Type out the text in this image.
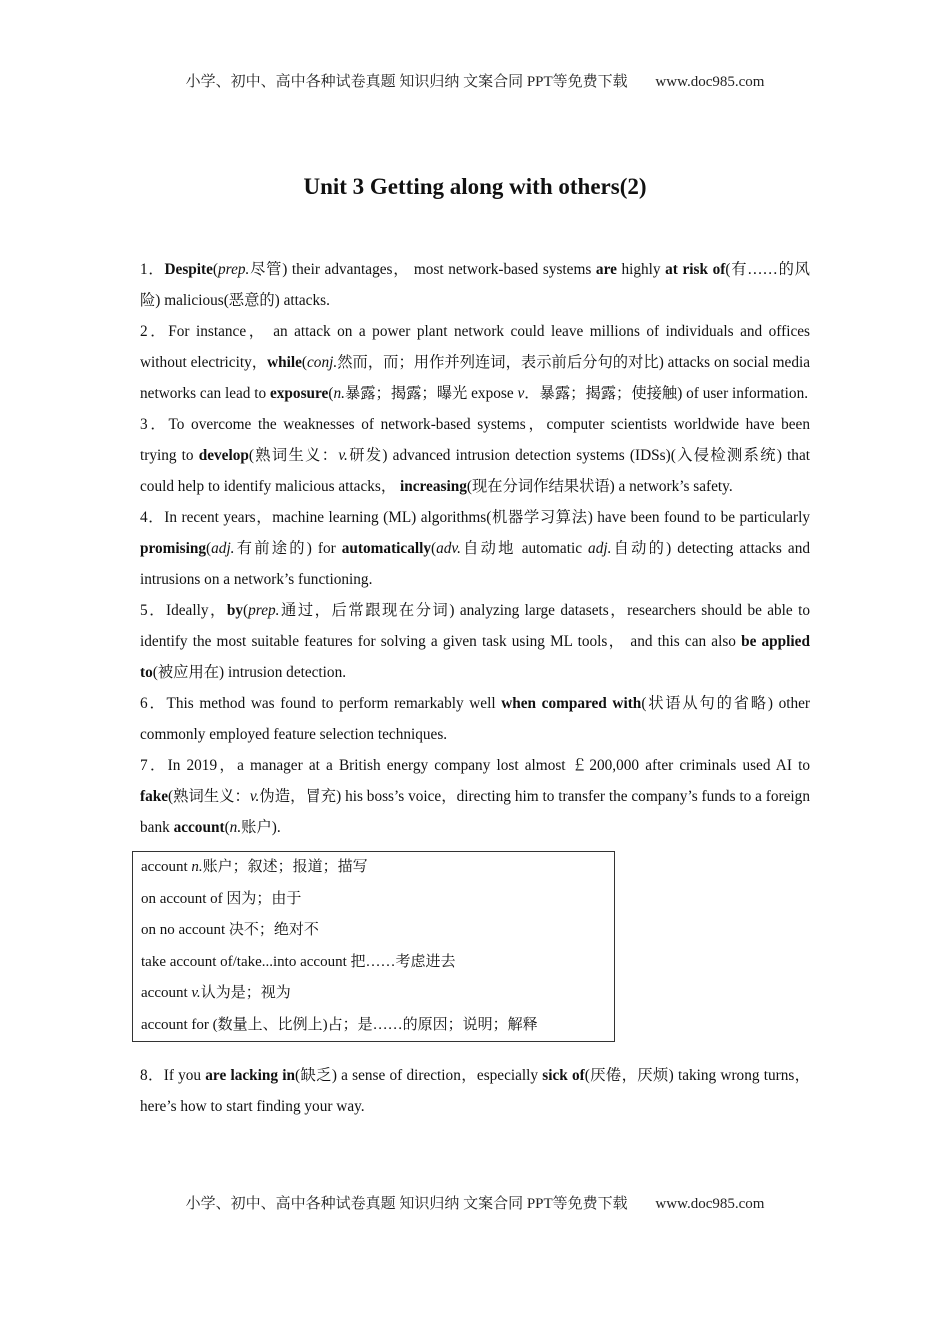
小学、初中、高中各种试卷真题 知识归纳 文案合同 PPT等免费下载 www.doc985.com
Unit 3 Getting along with others(2)

1．Despite(prep.尽管) their advantages， most network-based systems are highly at risk of(有……的风险) malicious(恶意的) attacks.

2．For instance， an attack on a power plant network could leave millions of individuals and offices without electricity，while(conj.然而，而；用作并列连词，表示前后分句的对比) attacks on social media networks can lead to exposure(n.暴露；揭露；曝光 expose v．暴露；揭露；使接触) of user information.

3．To overcome the weaknesses of network-based systems，computer scientists worldwide have been trying to develop(熟词生义：v.研发) advanced intrusion detection systems (IDSs)(入侵检测系统) that could help to identify malicious attacks， increasing(现在分词作结果状语) a network’s safety.

4．In recent years，machine learning (ML) algorithms(机器学习算法) have been found to be particularly promising(adj.有前途的) for automatically(adv.自动地 automatic adj.自动的) detecting attacks and intrusions on a network’s functioning.

5．Ideally，by(prep.通过，后常跟现在分词) analyzing large datasets，researchers should be able to identify the most suitable features for solving a given task using ML tools， and this can also be applied to(被应用在) intrusion detection.

6．This method was found to perform remarkably well when compared with(状语从句的省略) other commonly employed feature selection techniques.

7．In 2019，a manager at a British energy company lost almost ￡200,000 after criminals used AI to fake(熟词生义：v.伪造，冒充) his boss’s voice，directing him to transfer the company’s funds to a foreign bank account(n.账户).

account n.账户；叙述；报道；描写
on account of 因为；由于
on no account 决不；绝对不
take account of/take...into account 把……考虑进去
account v.认为是；视为
account for (数量上、比例上)占；是……的原因；说明；解释

8．If you are lacking in(缺乏) a sense of direction，especially sick of(厌倦，厌烦) taking wrong turns，here’s how to start finding your way.

小学、初中、高中各种试卷真题 知识归纳 文案合同 PPT等免费下载 www.doc985.com
